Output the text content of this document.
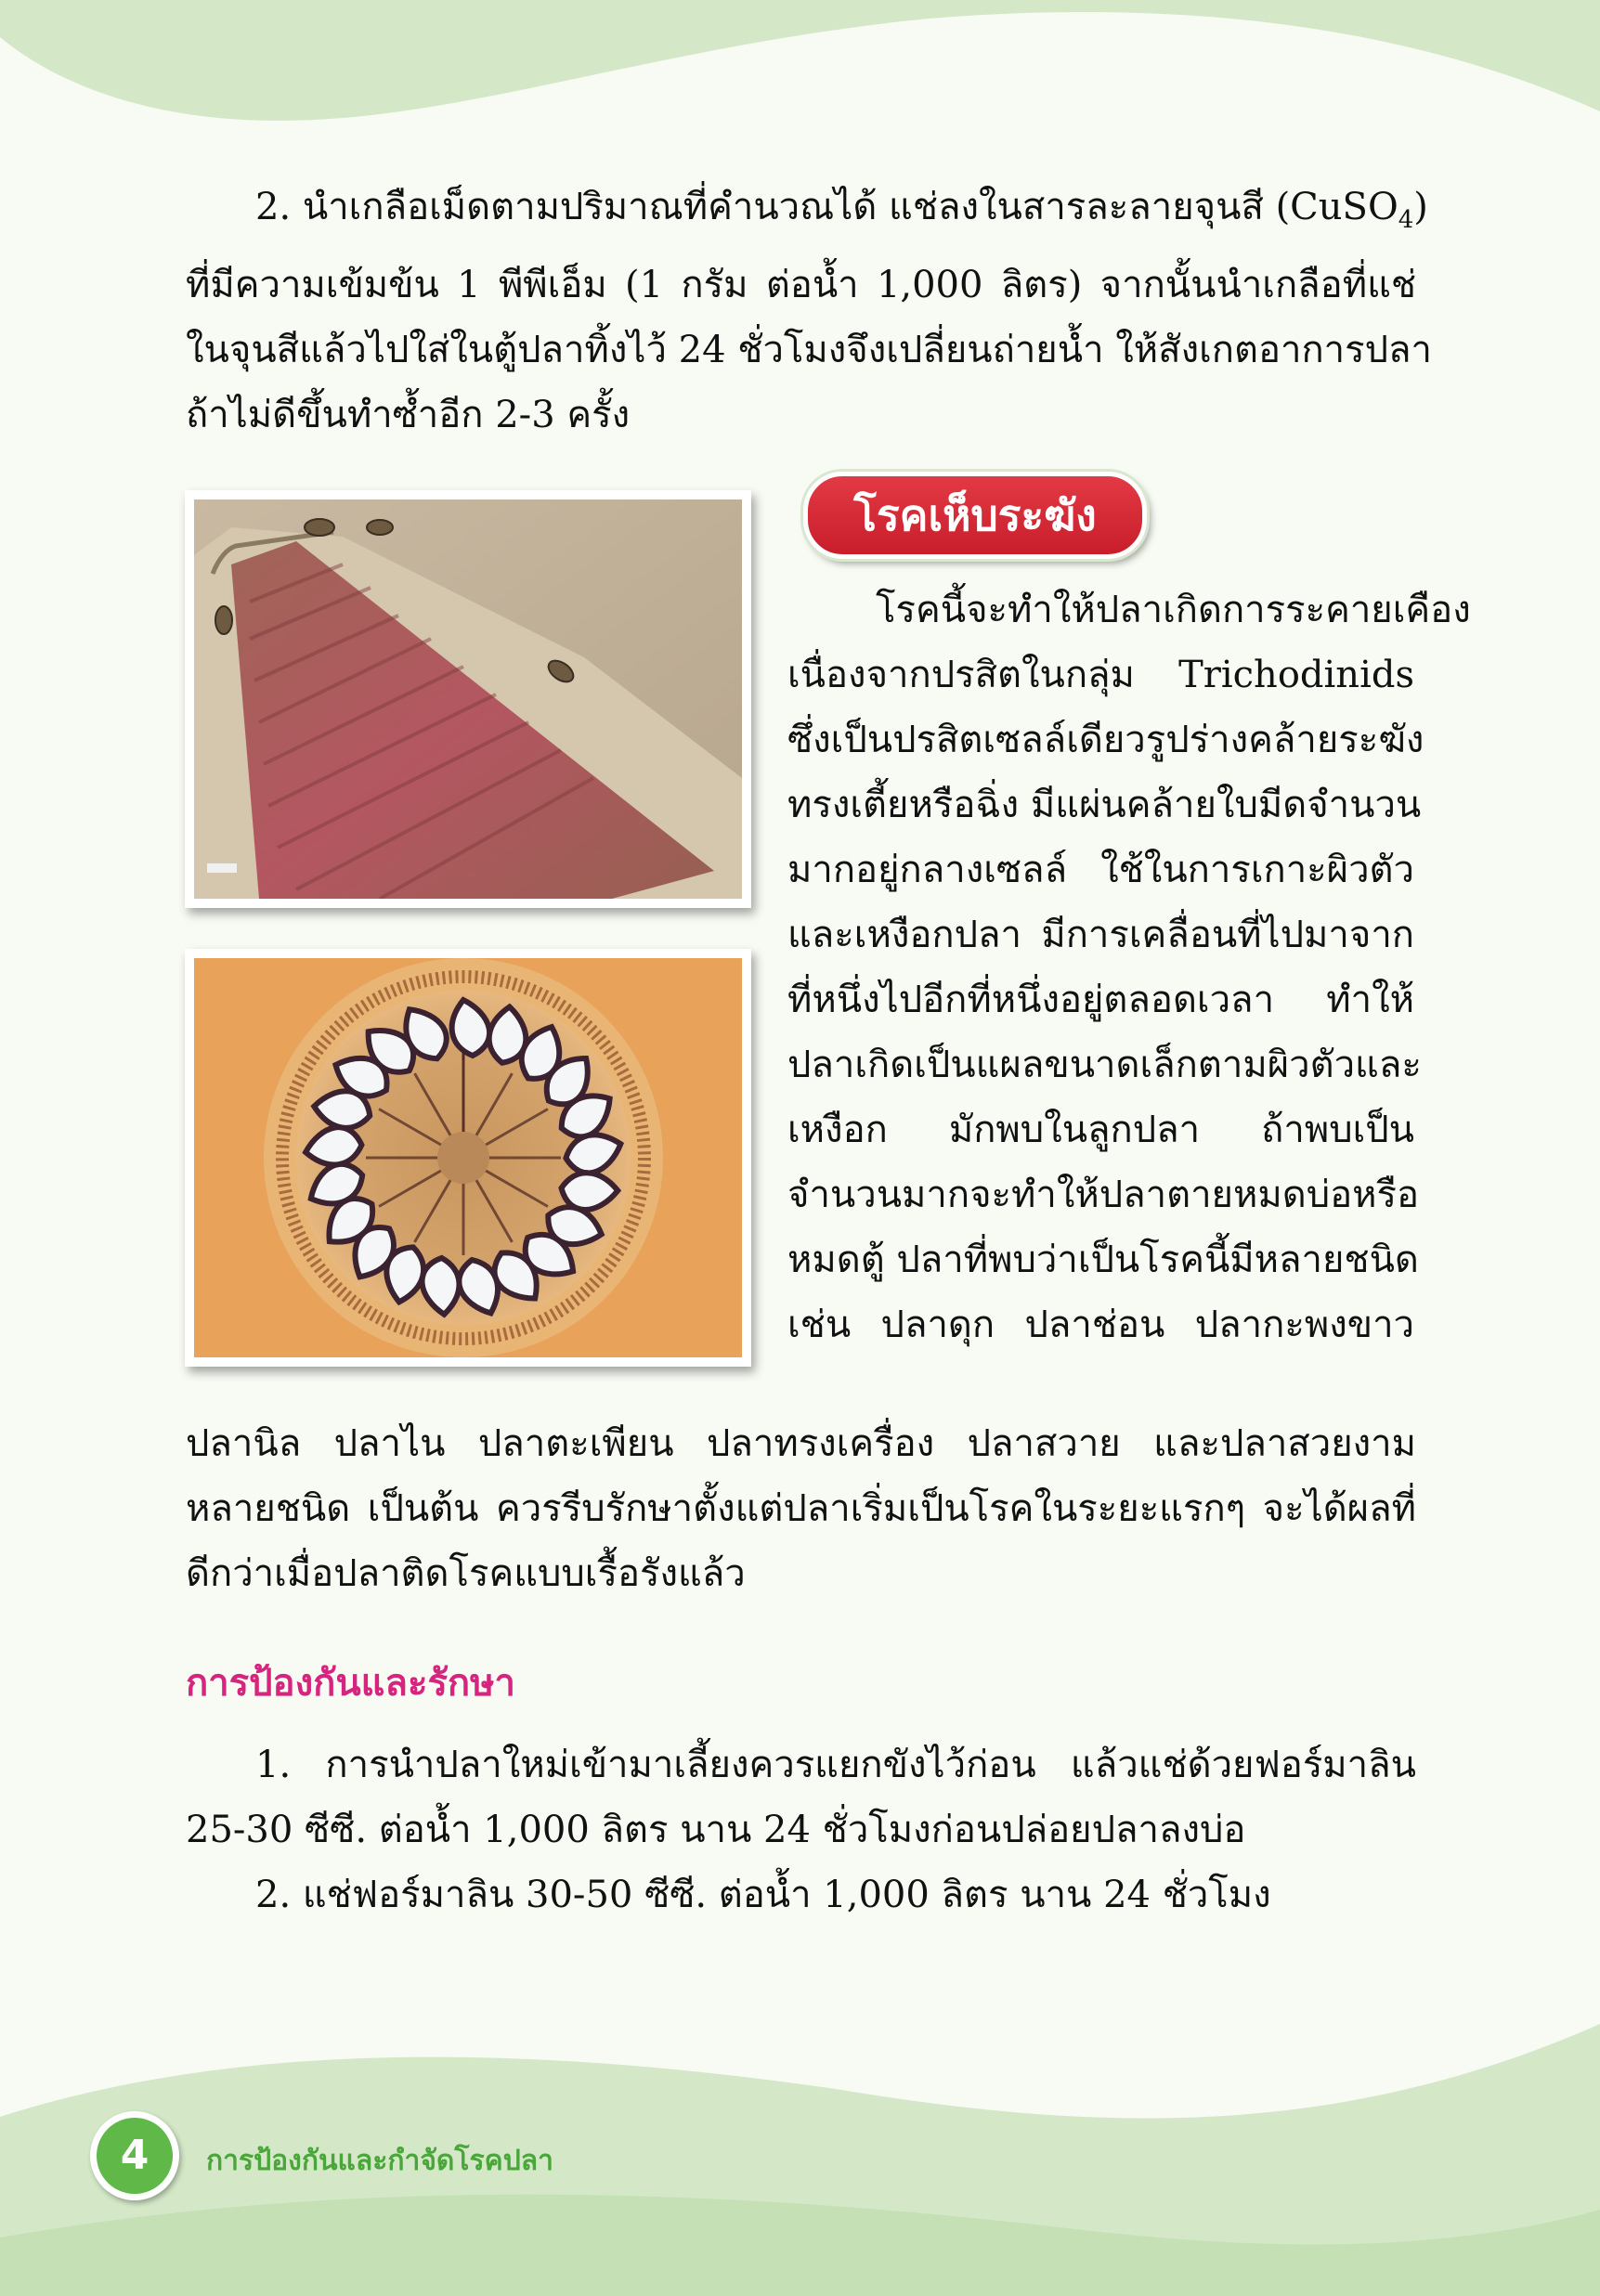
2. นำเกลือเม็ดตามปริมาณที่คำนวณได้ แช่ลงในสารละลายจุนสี (CuSO$_4$)
ที่มีความเข้มข้น 1 พีพีเอ็ม (1 กรัม ต่อน้ำ 1,000 ลิตร) จากนั้นนำเกลือที่แช่
ในจุนสีแล้วไปใส่ในตู้ปลาทิ้งไว้ 24 ชั่วโมงจึงเปลี่ยนถ่ายน้ำ ให้สังเกตอาการปลา
ถ้าไม่ดีขึ้นทำซ้ำอีก 2-3 ครั้ง
โรคเห็บระฆัง
โรคนี้จะทำให้ปลาเกิดการระคายเคือง
เนื่องจากปรสิตในกลุ่ม Trichodinids
ซึ่งเป็นปรสิตเซลล์เดียวรูปร่างคล้ายระฆัง
ทรงเตี้ยหรือฉิ่ง มีแผ่นคล้ายใบมีดจำนวน
มากอยู่กลางเซลล์ ใช้ในการเกาะผิวตัว
และเหงือกปลา มีการเคลื่อนที่ไปมาจาก
ที่หนึ่งไปอีกที่หนึ่งอยู่ตลอดเวลา ทำให้
ปลาเกิดเป็นแผลขนาดเล็กตามผิวตัวและ
เหงือก มักพบในลูกปลา ถ้าพบเป็น
จำนวนมากจะทำให้ปลาตายหมดบ่อหรือ
หมดตู้ ปลาที่พบว่าเป็นโรคนี้มีหลายชนิด
เช่น ปลาดุก ปลาช่อน ปลากะพงขาว
ปลานิล ปลาไน ปลาตะเพียน ปลาทรงเครื่อง ปลาสวาย และปลาสวยงาม
หลายชนิด เป็นต้น ควรรีบรักษาตั้งแต่ปลาเริ่มเป็นโรคในระยะแรกๆ จะได้ผลที่
ดีกว่าเมื่อปลาติดโรคแบบเรื้อรังแล้ว
การป้องกันและรักษา
1. การนำปลาใหม่เข้ามาเลี้ยงควรแยกขังไว้ก่อน แล้วแช่ด้วยฟอร์มาลิน
25-30 ซีซี. ต่อน้ำ 1,000 ลิตร นาน 24 ชั่วโมงก่อนปล่อยปลาลงบ่อ
2. แช่ฟอร์มาลิน 30-50 ซีซี. ต่อน้ำ 1,000 ลิตร นาน 24 ชั่วโมง
4	การป้องกันและกำจัดโรคปลา
